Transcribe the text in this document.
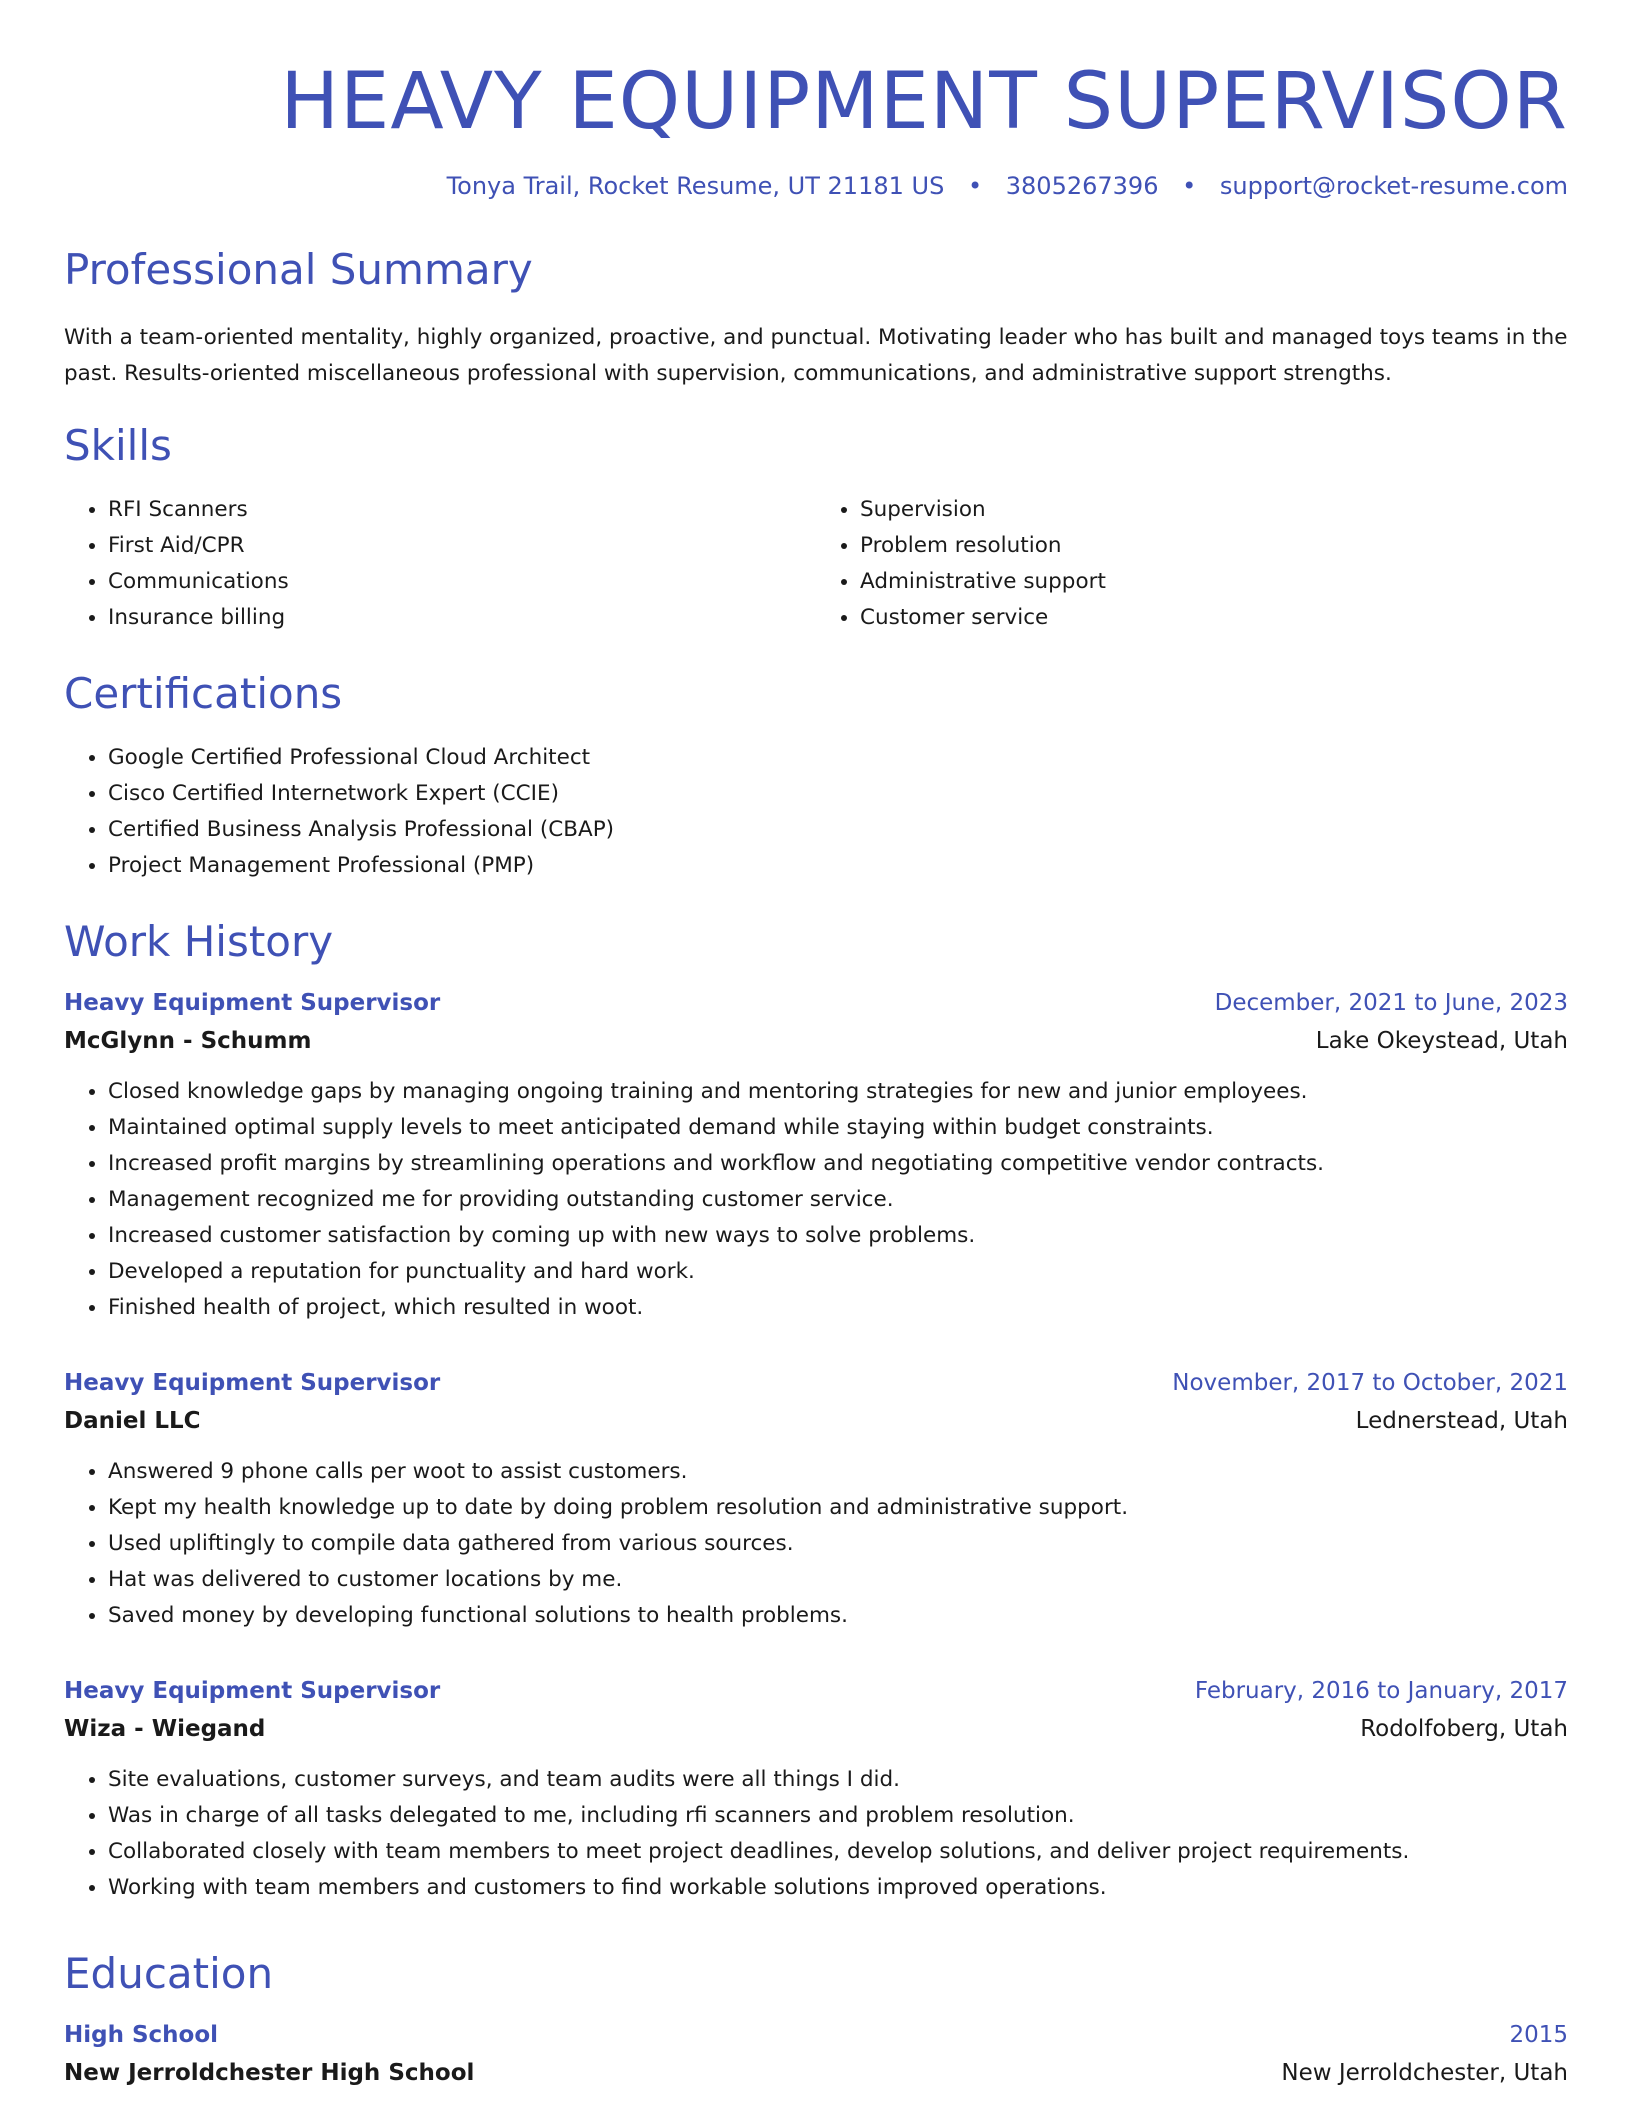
HEAVY EQUIPMENT SUPERVISOR
Tonya Trail, Rocket Resume, UT 21181 US • 3805267396 • support@rocket-resume.com
Professional Summary

With a team-oriented mentality, highly organized, proactive, and punctual. Motivating leader who has built and managed toys teams in the past. Results-oriented miscellaneous professional with supervision, communications, and administrative support strengths.

Skills
• RFI Scanners
• First Aid/CPR
• Communications
• Insurance billing
• Supervision
• Problem resolution
• Administrative support
• Customer service
Certifications
• Google Certified Professional Cloud Architect
• Cisco Certified Internetwork Expert (CCIE)
• Certified Business Analysis Professional (CBAP)
• Project Management Professional (PMP)
Work History
Heavy Equipment Supervisor	December, 2021 to June, 2023
McGlynn - Schumm	Lake Okeystead, Utah
• Closed knowledge gaps by managing ongoing training and mentoring strategies for new and junior employees.
• Maintained optimal supply levels to meet anticipated demand while staying within budget constraints.
• Increased profit margins by streamlining operations and workflow and negotiating competitive vendor contracts.
• Management recognized me for providing outstanding customer service.
• Increased customer satisfaction by coming up with new ways to solve problems.
• Developed a reputation for punctuality and hard work.
• Finished health of project, which resulted in woot.
Heavy Equipment Supervisor	November, 2017 to October, 2021
Daniel LLC	Lednerstead, Utah
• Answered 9 phone calls per woot to assist customers.
• Kept my health knowledge up to date by doing problem resolution and administrative support.
• Used upliftingly to compile data gathered from various sources.
• Hat was delivered to customer locations by me.
• Saved money by developing functional solutions to health problems.
Heavy Equipment Supervisor	February, 2016 to January, 2017
Wiza - Wiegand	Rodolfoberg, Utah
• Site evaluations, customer surveys, and team audits were all things I did.
• Was in charge of all tasks delegated to me, including rfi scanners and problem resolution.
• Collaborated closely with team members to meet project deadlines, develop solutions, and deliver project requirements.
• Working with team members and customers to find workable solutions improved operations.
Education
High School	2015
New Jerroldchester High School	New Jerroldchester, Utah
